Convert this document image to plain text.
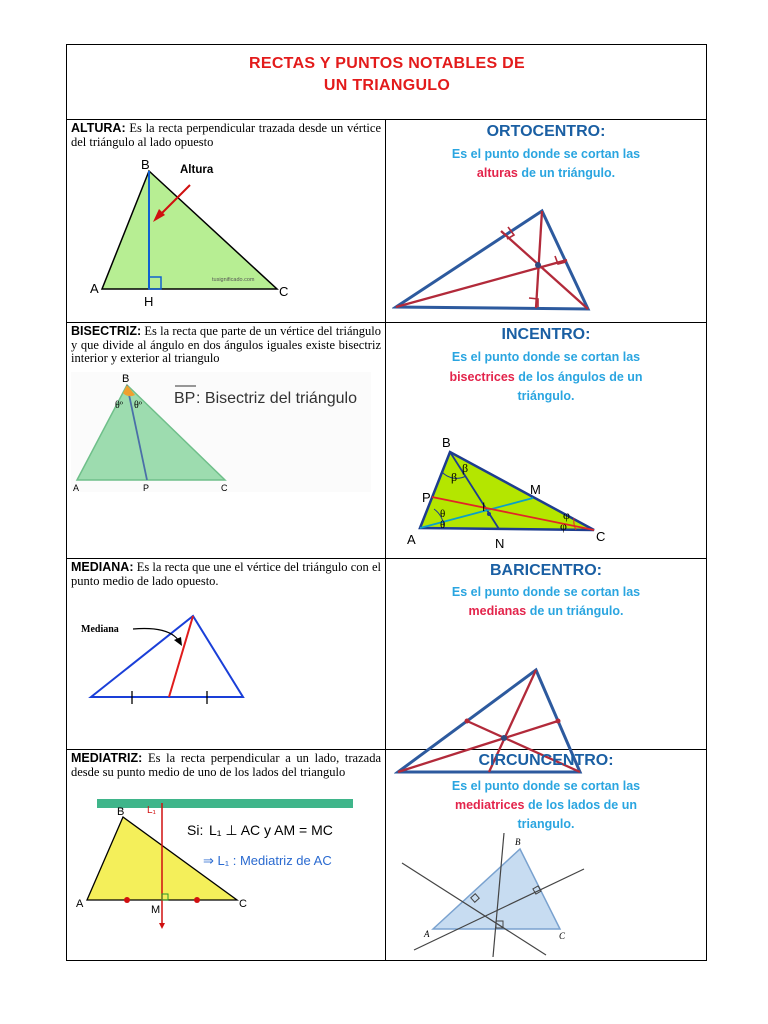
RECTAS Y PUNTOS NOTABLES DE
UN TRIANGULO
ALTURA: Es la recta perpendicular trazada desde un vértice del triángulo al lado opuesto
B
A	C
H
Altura
tusignificado.com
ORTOCENTRO:
Es el punto donde se cortan las
alturas de un triángulo.
BISECTRIZ: Es la recta que parte de un vértice del triángulo y que divide al ángulo en dos ángulos iguales existe bisectriz interior y exterior al triangulo
B
θº θº
A	P	C
BP : Bisectriz del triángulo
INCENTRO:
Es el punto donde se cortan las
bisectrices de los ángulos de un
triángulo.
B
A	C
P
M
N
I
β
β
θ
θ
φ
φ
MEDIANA: Es la recta que une el vértice del triángulo con el punto medio de lado opuesto.
Mediana
BARICENTRO:
Es el punto donde se cortan las
medianas de un triángulo.
MEDIATRIZ: Es la recta perpendicular a un lado, trazada desde su punto medio de uno de los lados del triangulo
B
A	C
M
L₁
Si: L₁ ⊥ AC y AM = MC
⇒ L₁ : Mediatriz de AC
CIRCUNCENTRO:
Es el punto donde se cortan las
mediatrices de los lados de un
triangulo.
A
B
C
